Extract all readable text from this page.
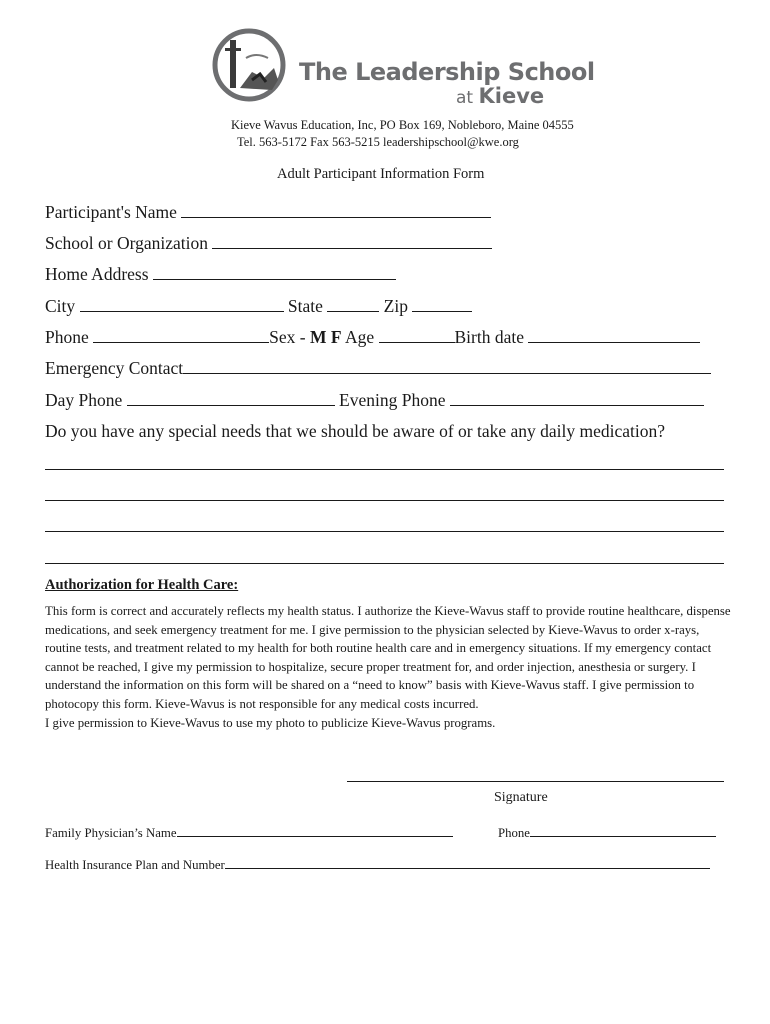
The Leadership School
at Kieve
Kieve Wavus Education, Inc, PO Box 169, Nobleboro, Maine 04555
Tel. 563-5172 Fax 563-5215 leadershipschool@kwe.org
Adult Participant Information Form
Participant's Name
School or Organization
Home Address
City	State	Zip
Phone	Sex - M F Age	Birth date
Emergency Contact
Day Phone	Evening Phone
Do you have any special needs that we should be aware of or take any daily medication?
Authorization for Health Care:

This form is correct and accurately reflects my health status. I authorize the Kieve-Wavus staff to provide routine healthcare, dispense medications, and seek emergency treatment for me. I give permission to the physician selected by Kieve-Wavus to order x-rays, routine tests, and treatment related to my health for both routine health care and in emergency situations. If my emergency contact cannot be reached, I give my permission to hospitalize, secure proper treatment for, and order injection, anesthesia or surgery. I understand the information on this form will be shared on a “need to know” basis with Kieve-Wavus staff. I give permission to photocopy this form. Kieve-Wavus is not responsible for any medical costs incurred.

I give permission to Kieve-Wavus to use my photo to publicize Kieve-Wavus programs.

Signature
Family Physician’s Name	Phone
Health Insurance Plan and Number
